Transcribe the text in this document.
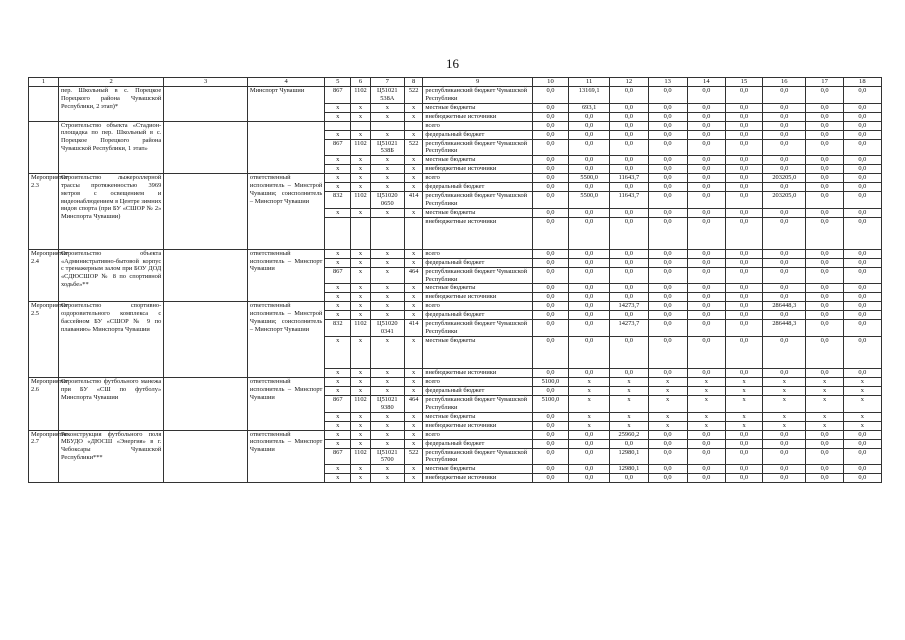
16
1	2	3	4	5	6	7	8	9	10	11	12	13	14	15	16	17	18
	пер. Школьный в с. Порецкое Порецкого района Чувашской Республики, 2 этап)*		Минспорт Чувашии	867	1102	Ц51021 538А	522	республиканский бюджет Чувашской Республики	0,0	13169,1	0,0	0,0	0,0	0,0	0,0	0,0	0,0
				x	x	x	x	местные бюджеты	0,0	693,1	0,0	0,0	0,0	0,0	0,0	0,0	0,0
				x	x	x	x	внебюджетные источники	0,0	0,0	0,0	0,0	0,0	0,0	0,0	0,0	0,0
	Строительство объекта «Стадион-площадка по пер. Школьный в с. Порецкое Порецкого района Чувашской Республики, 1 этап»							всего	0,0	0,0	0,0	0,0	0,0	0,0	0,0	0,0	0,0
				x	x	x	x	федеральный бюджет	0,0	0,0	0,0	0,0	0,0	0,0	0,0	0,0	0,0
				867	1102	Ц51021 538Б	522	республиканский бюджет Чувашской Республики	0,0	0,0	0,0	0,0	0,0	0,0	0,0	0,0	0,0
				x	x	x	x	местные бюджеты	0,0	0,0	0,0	0,0	0,0	0,0	0,0	0,0	0,0
				x	x	x	x	внебюджетные источники	0,0	0,0	0,0	0,0	0,0	0,0	0,0	0,0	0,0
Мероприятие 2.3	Строительство лыжероллерной трассы протяженностью 3969 метров с освещением и видеонаблюдением в Центре зимних видов спорта (при БУ «СШОР № 2» Минспорта Чувашии)		ответственный исполнитель – Минстрой Чувашии; соисполнитель – Минспорт Чувашии	x	x	x	x	всего	0,0	5500,0	11643,7	0,0	0,0	0,0	203205,0	0,0	0,0
				x	x	x	x	федеральный бюджет	0,0	0,0	0,0	0,0	0,0	0,0	0,0	0,0	0,0
				832	1102	Ц51020 0650	414	республиканский бюджет Чувашской Республики	0,0	5500,0	11643,7	0,0	0,0	0,0	203205,0	0,0	0,0
				x	x	x	x	местные бюджеты	0,0	0,0	0,0	0,0	0,0	0,0	0,0	0,0	0,0
								внебюджетные источники	0,0	0,0	0,0	0,0	0,0	0,0	0,0	0,0	0,0
Мероприятие 2.4	Строительство объекта «Административно-бытовой корпус с тренажерным залом при БОУ ДОД «СДЮСШОР № 8 по спортивной ходьбе»**		ответственный исполнитель – Минспорт Чувашии	x	x	x	x	всего	0,0	0,0	0,0	0,0	0,0	0,0	0,0	0,0	0,0
				x	x	x	x	федеральный бюджет	0,0	0,0	0,0	0,0	0,0	0,0	0,0	0,0	0,0
				867	x	x	464	республиканский бюджет Чувашской Республики	0,0	0,0	0,0	0,0	0,0	0,0	0,0	0,0	0,0
				x	x	x	x	местные бюджеты	0,0	0,0	0,0	0,0	0,0	0,0	0,0	0,0	0,0
				x	x	x	x	внебюджетные источники	0,0	0,0	0,0	0,0	0,0	0,0	0,0	0,0	0,0
Мероприятие 2.5	Строительство спортивно-оздоровительного комплекса с бассейном БУ «СШОР № 9 по плаванию» Минспорта Чувашии		ответственный исполнитель – Минстрой Чувашии; соисполнитель – Минспорт Чувашии	x	x	x	x	всего	0,0	0,0	14273,7	0,0	0,0	0,0	286448,3	0,0	0,0
				x	x	x	x	федеральный бюджет	0,0	0,0	0,0	0,0	0,0	0,0	0,0	0,0	0,0
				832	1102	Ц51020 0341	414	республиканский бюджет Чувашской Республики	0,0	0,0	14273,7	0,0	0,0	0,0	286448,3	0,0	0,0
				x	x	x	x	местные бюджеты	0,0	0,0	0,0	0,0	0,0	0,0	0,0	0,0	0,0
				x	x	x	x	внебюджетные источники	0,0	0,0	0,0	0,0	0,0	0,0	0,0	0,0	0,0
Мероприятие 2.6	Строительство футбольного манежа при БУ «СШ по футболу» Минспорта Чувашии		ответственный исполнитель – Минспорт Чувашии	x	x	x	x	всего	5100,0	x	x	x	x	x	x	x	x
				x	x	x	x	федеральный бюджет	0,0	x	x	x	x	x	x	x	x
				867	1102	Ц51021 9380	464	республиканский бюджет Чувашской Республики	5100,0	x	x	x	x	x	x	x	x
				x	x	x	x	местные бюджеты	0,0	x	x	x	x	x	x	x	x
				x	x	x	x	внебюджетные источники	0,0	x	x	x	x	x	x	x	x
Мероприятие 2.7	Реконструкция футбольного поля МБУДО «ДЮСШ «Энергия» в г. Чебоксары Чувашской Республики***		ответственный исполнитель – Минспорт Чувашии	x	x	x	x	всего	0,0	0,0	25960,2	0,0	0,0	0,0	0,0	0,0	0,0
				x	x	x	x	федеральный бюджет	0,0	0,0	0,0	0,0	0,0	0,0	0,0	0,0	0,0
				867	1102	Ц51021 5700	522	республиканский бюджет Чувашской Республики	0,0	0,0	12980,1	0,0	0,0	0,0	0,0	0,0	0,0
				x	x	x	x	местные бюджеты	0,0	0,0	12980,1	0,0	0,0	0,0	0,0	0,0	0,0
				x	x	x	x	внебюджетные источники	0,0	0,0	0,0	0,0	0,0	0,0	0,0	0,0	0,0
